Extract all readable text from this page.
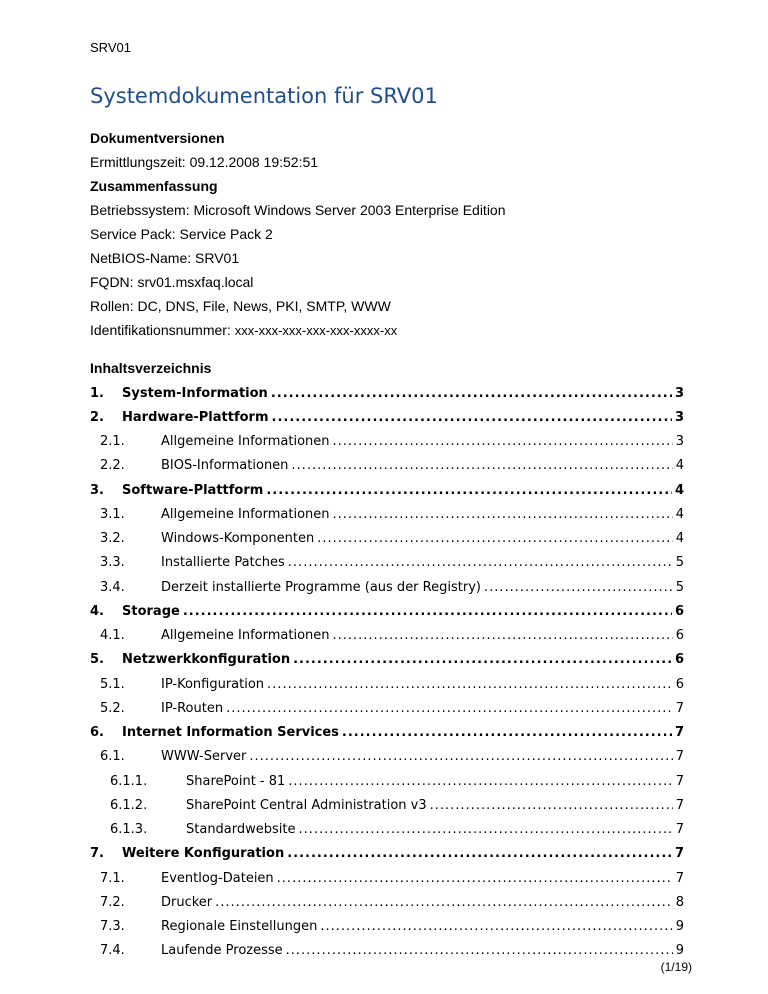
SRV01
Systemdokumentation für SRV01
Dokumentversionen
Ermittlungszeit: 09.12.2008 19:52:51
Zusammenfassung
Betriebssystem: Microsoft Windows Server 2003 Enterprise Edition
Service Pack: Service Pack 2
NetBIOS-Name: SRV01
FQDN: srv01.msxfaq.local
Rollen: DC, DNS, File, News, PKI, SMTP, WWW
Identifikationsnummer: xxx-xxx-xxx-xxx-xxx-xxxx-xx
Inhaltsverzeichnis
1.	System-Information .....	3
2.	Hardware-Plattform .....	3
2.1.	Allgemeine Informationen .....	3
2.2.	BIOS-Informationen .....	4
3.	Software-Plattform .....	4
3.1.	Allgemeine Informationen .....	4
3.2.	Windows-Komponenten .....	4
3.3.	Installierte Patches .....	5
3.4.	Derzeit installierte Programme (aus der Registry) .....	5
4.	Storage .....	6
4.1.	Allgemeine Informationen .....	6
5.	Netzwerkkonfiguration .....	6
5.1.	IP-Konfiguration .....	6
5.2.	IP-Routen .....	7
6.	Internet Information Services .....	7
6.1.	WWW-Server .....	7
6.1.1.	SharePoint - 81 .....	7
6.1.2.	SharePoint Central Administration v3 .....	7
6.1.3.	Standardwebsite .....	7
7.	Weitere Konfiguration .....	7
7.1.	Eventlog-Dateien .....	7
7.2.	Drucker .....	8
7.3.	Regionale Einstellungen .....	9
7.4.	Laufende Prozesse .....	9
(1/19)
